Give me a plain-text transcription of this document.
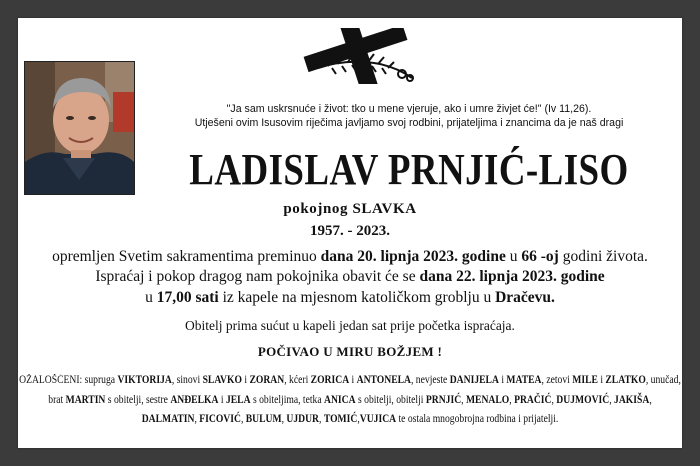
"Ja sam uskrsnuće i život: tko u mene vjeruje, ako i umre živjet će!" (Iv 11,26).
Utješeni ovim Isusovim riječima javljamo svoj rodbini, prijateljima i znancima da je naš dragi
LADISLAV PRNJIĆ-LISO
pokojnog SLAVKA
1957. - 2023.
opremljen Svetim sakramentima preminuo dana 20. lipnja 2023. godine u 66 -oj godini života.
Ispraćaj i pokop dragog nam pokojnika obavit će se dana 22. lipnja 2023. godine
u 17,00 sati iz kapele na mjesnom katoličkom groblju u Dračevu.
Obitelj prima sućut u kapeli jedan sat prije početka ispraćaja.
POČIVAO U MIRU BOŽJEM !
OŽALOŠĆENI: supruga VIKTORIJA, sinovi SLAVKO i ZORAN, kćeri ZORICA i ANTONELA, nevjeste DANIJELA i MATEA, zetovi MILE i ZLATKO, unučad,
brat MARTIN s obitelji, sestre ANĐELKA i JELA s obiteljima, tetka ANICA s obitelji, obitelji PRNJIĆ, MENALO, PRAČIĆ, DUJMOVIĆ, JAKIŠA,
DALMATIN, FICOVIĆ, BULUM, UJDUR, TOMIĆ,VUJICA te ostala mnogobrojna rodbina i prijatelji.
